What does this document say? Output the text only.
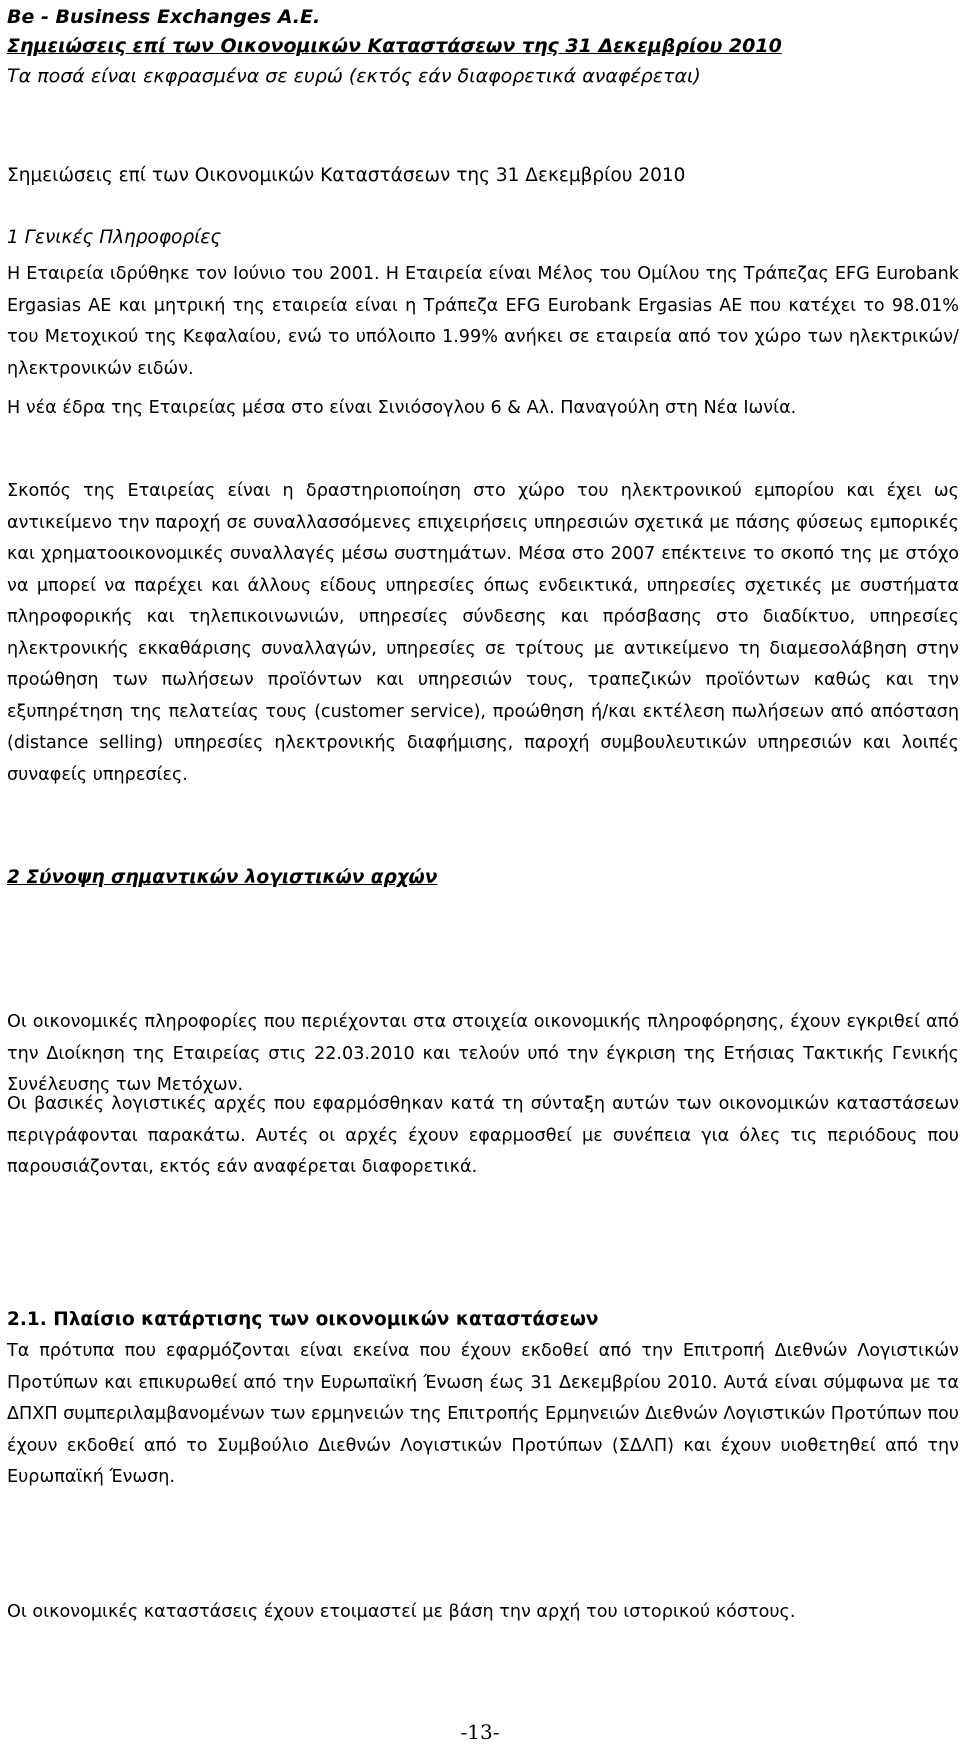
Be - Business Exchanges A.E.
Σημειώσεις επί των Οικονομικών Καταστάσεων της 31 Δεκεμβρίου 2010
Τα ποσά είναι εκφρασμένα σε ευρώ (εκτός εάν διαφορετικά αναφέρεται)
Σημειώσεις επί των Οικονομικών Καταστάσεων της 31 Δεκεμβρίου 2010
1 Γενικές Πληροφορίες
Η Εταιρεία ιδρύθηκε τον Ιούνιο του 2001. Η Εταιρεία είναι Μέλος του Ομίλου της Τράπεζας EFG Eurobank Ergasias AE και μητρική της εταιρεία είναι η Τράπεζα EFG Eurobank Ergasias AE που κατέχει το 98.01% του Μετοχικού της Κεφαλαίου, ενώ το υπόλοιπο 1.99% ανήκει σε εταιρεία από τον χώρο των ηλεκτρικών/ηλεκτρονικών ειδών.
Η νέα έδρα της Εταιρείας μέσα στο είναι Σινιόσογλου 6 & Αλ. Παναγούλη στη Νέα Ιωνία.
Σκοπός της Εταιρείας είναι η δραστηριοποίηση στο χώρο του ηλεκτρονικού εμπορίου και έχει ως αντικείμενο την παροχή σε συναλλασσόμενες επιχειρήσεις υπηρεσιών σχετικά με πάσης φύσεως εμπορικές και χρηματοοικονομικές συναλλαγές μέσω συστημάτων. Μέσα στο 2007 επέκτεινε το σκοπό της με στόχο να μπορεί να παρέχει και άλλους είδους υπηρεσίες όπως ενδεικτικά, υπηρεσίες σχετικές με συστήματα πληροφορικής και τηλεπικοινωνιών, υπηρεσίες σύνδεσης και πρόσβασης στο διαδίκτυο, υπηρεσίες ηλεκτρονικής εκκαθάρισης συναλλαγών, υπηρεσίες σε τρίτους με αντικείμενο τη διαμεσολάβηση στην προώθηση των πωλήσεων προϊόντων και υπηρεσιών τους, τραπεζικών προϊόντων καθώς και την εξυπηρέτηση της πελατείας τους (customer service), προώθηση ή/και εκτέλεση πωλήσεων από απόσταση (distance selling) υπηρεσίες ηλεκτρονικής διαφήμισης, παροχή συμβουλευτικών υπηρεσιών και λοιπές συναφείς υπηρεσίες.
Οι οικονομικές πληροφορίες που περιέχονται στα στοιχεία οικονομικής πληροφόρησης, έχουν εγκριθεί από την Διοίκηση της Εταιρείας στις 22.03.2010 και τελούν υπό την έγκριση της Ετήσιας Τακτικής Γενικής Συνέλευσης των Μετόχων.
2 Σύνοψη σημαντικών λογιστικών αρχών
Οι βασικές λογιστικές αρχές που εφαρμόσθηκαν κατά τη σύνταξη αυτών των οικονομικών καταστάσεων περιγράφονται παρακάτω. Αυτές οι αρχές έχουν εφαρμοσθεί με συνέπεια για όλες τις περιόδους που παρουσιάζονται, εκτός εάν αναφέρεται διαφορετικά.
2.1. Πλαίσιο κατάρτισης των οικονομικών καταστάσεων
Τα πρότυπα που εφαρμόζονται είναι εκείνα που έχουν εκδοθεί από την Επιτροπή Διεθνών Λογιστικών Προτύπων και επικυρωθεί από την Ευρωπαϊκή Ένωση έως 31 Δεκεμβρίου 2010. Αυτά είναι σύμφωνα με τα ΔΠΧΠ συμπεριλαμβανομένων των ερμηνειών της Επιτροπής Ερμηνειών Διεθνών Λογιστικών Προτύπων που έχουν εκδοθεί από το Συμβούλιο Διεθνών Λογιστικών Προτύπων (ΣΔΛΠ) και έχουν υιοθετηθεί από την Ευρωπαϊκή Ένωση.
Οι οικονομικές καταστάσεις έχουν ετοιμαστεί με βάση την αρχή του ιστορικού κόστους.
-13-
